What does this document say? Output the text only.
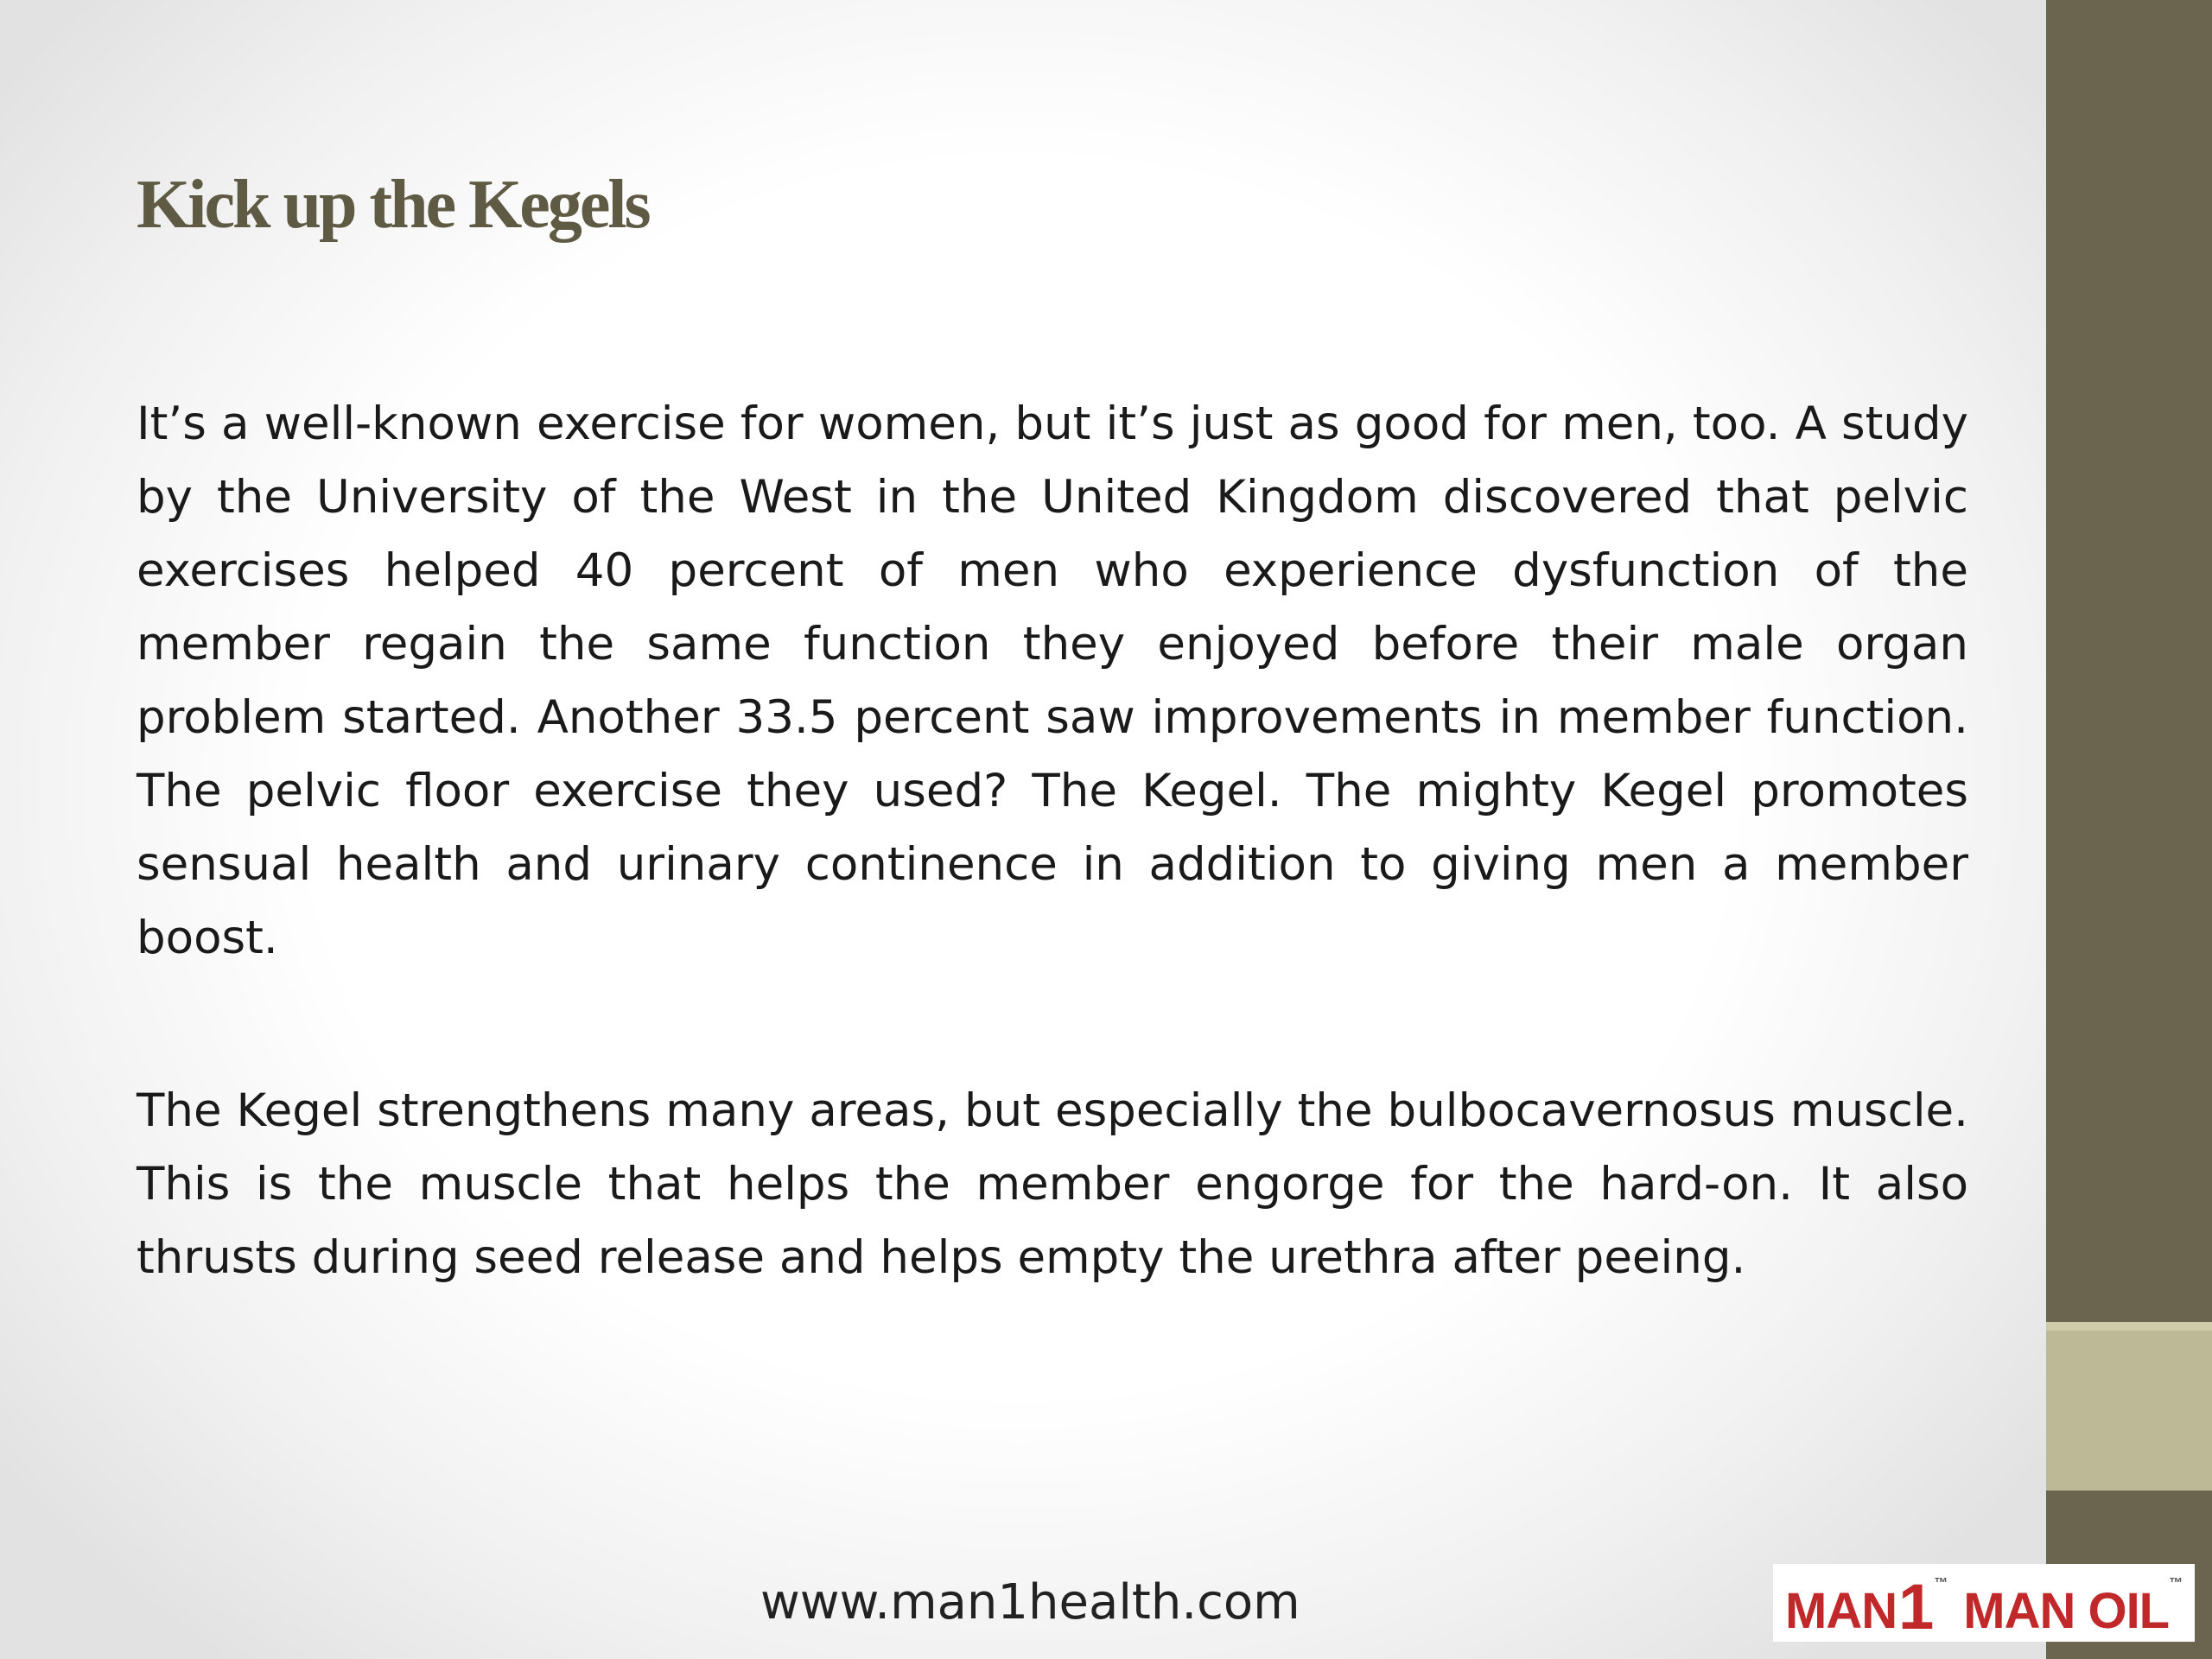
Kick up the Kegels

It’s a well-known exercise for women, but it’s just as good for men, too. A study by the University of the West in the United Kingdom discovered that pelvic exercises helped 40 percent of men who experience dysfunction of the member regain the same function they enjoyed before their male organ problem started. Another 33.5 percent saw improvements in member function. The pelvic floor exercise they used? The Kegel. The mighty Kegel promotes sensual health and urinary continence in addition to giving men a member boost.

The Kegel strengthens many areas, but especially the bulbocavernosus muscle. This is the muscle that helps the member engorge for the hard-on. It also thrusts during seed release and helps empty the urethra after peeing.

www.man1health.com	MAN 1 ™ MAN OIL ™
